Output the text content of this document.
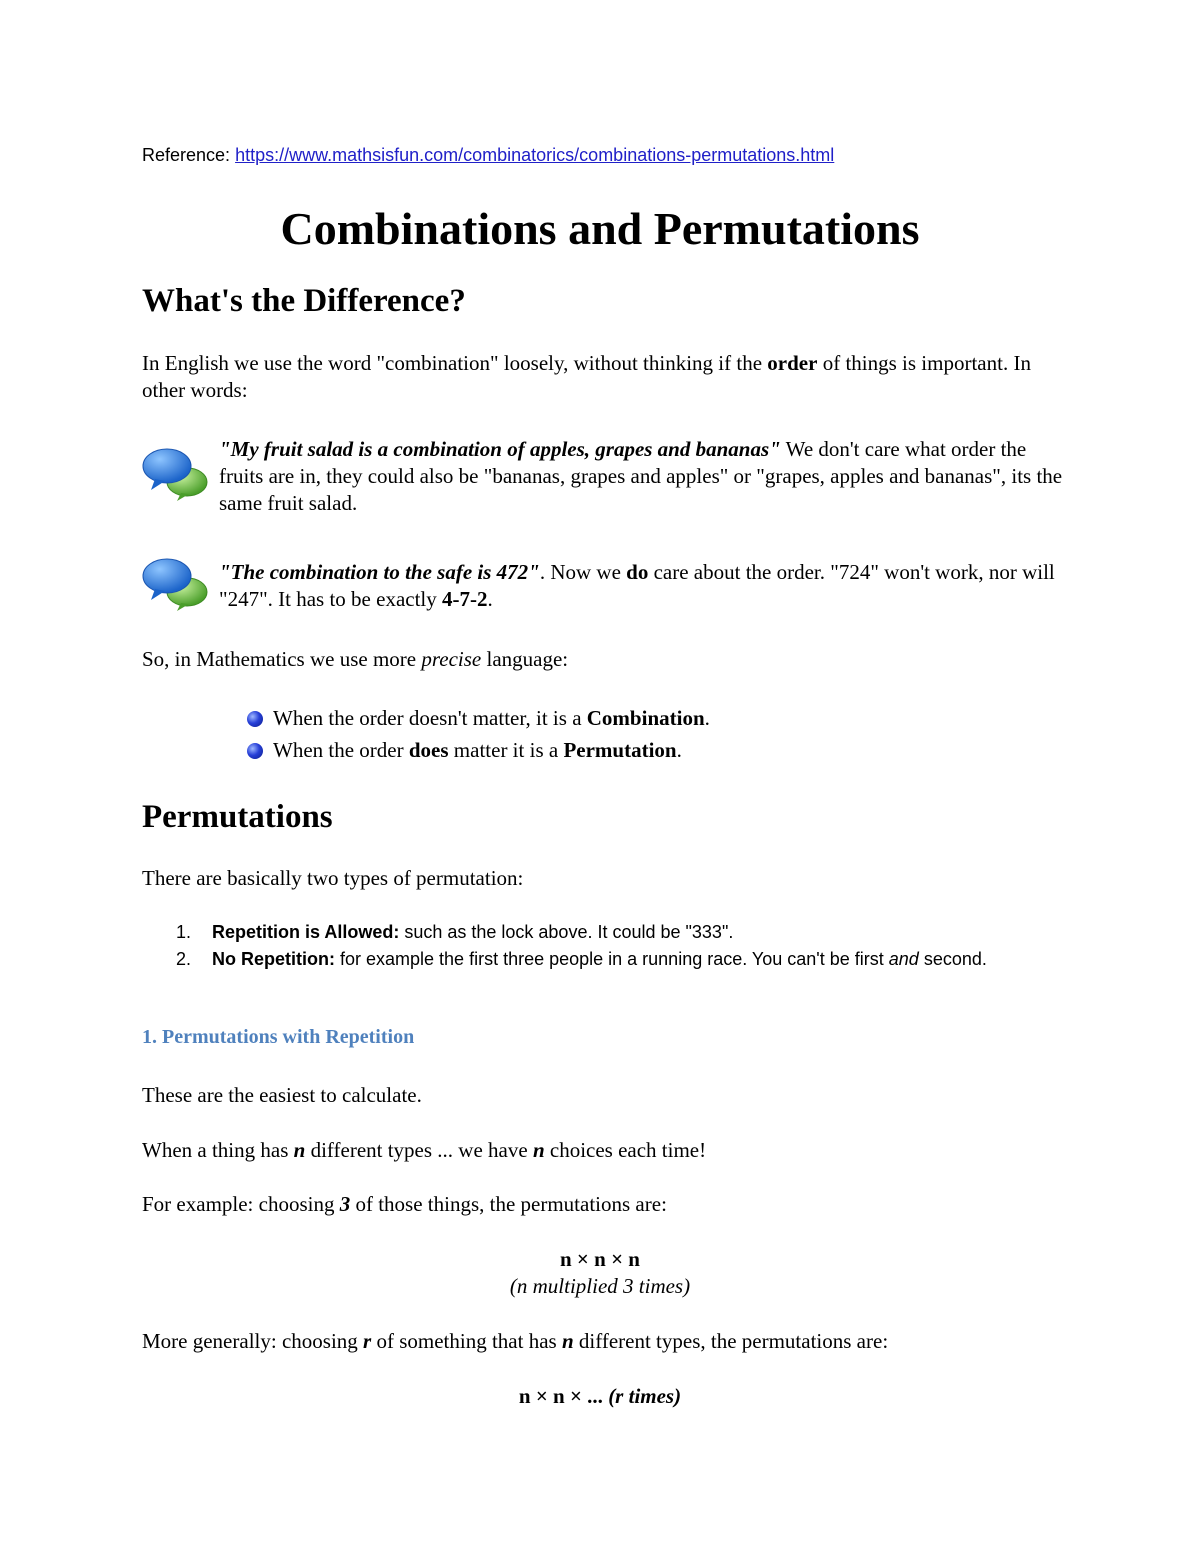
Reference: https://www.mathsisfun.com/combinatorics/combinations-permutations.html
Combinations and Permutations
What's the Difference?

In English we use the word "combination" loosely, without thinking if the order of things is important. In other words:

"My fruit salad is a combination of apples, grapes and bananas" We don't care what order the fruits are in, they could also be "bananas, grapes and apples" or "grapes, apples and bananas", its the same fruit salad.

"The combination to the safe is 472". Now we do care about the order. "724" won't work, nor will "247". It has to be exactly 4-7-2.

So, in Mathematics we use more precise language:

When the order doesn't matter, it is a Combination.
When the order does matter it is a Permutation.
Permutations

There are basically two types of permutation:

1. Repetition is Allowed: such as the lock above. It could be "333".
2. No Repetition: for example the first three people in a running race. You can't be first and second.
1. Permutations with Repetition

These are the easiest to calculate.

When a thing has n different types ... we have n choices each time!

For example: choosing 3 of those things, the permutations are:

n × n × n

(n multiplied 3 times)

More generally: choosing r of something that has n different types, the permutations are:

n × n × ... (r times)
